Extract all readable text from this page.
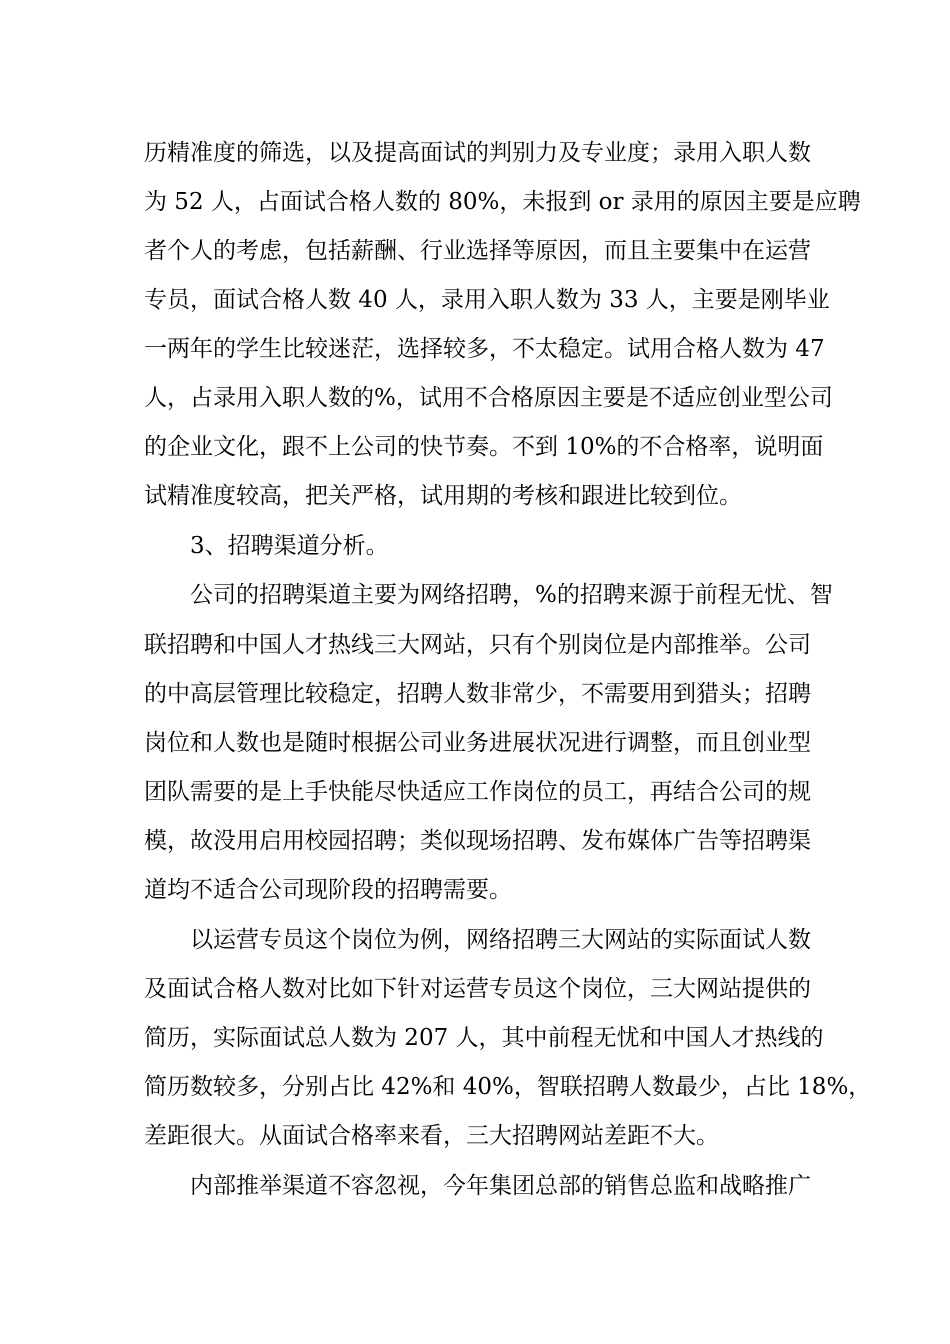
历精准度的筛选，以及提高面试的判别力及专业度；录用入职人数
为 52 人，占面试合格人数的 80%，未报到 or 录用的原因主要是应聘
者个人的考虑，包括薪酬、行业选择等原因，而且主要集中在运营
专员，面试合格人数 40 人，录用入职人数为 33 人，主要是刚毕业
一两年的学生比较迷茫，选择较多，不太稳定。试用合格人数为 47
人，占录用入职人数的%，试用不合格原因主要是不适应创业型公司
的企业文化，跟不上公司的快节奏。不到 10%的不合格率，说明面
试精准度较高，把关严格，试用期的考核和跟进比较到位。
3、招聘渠道分析。
公司的招聘渠道主要为网络招聘，%的招聘来源于前程无忧、智
联招聘和中国人才热线三大网站，只有个别岗位是内部推举。公司
的中高层管理比较稳定，招聘人数非常少，不需要用到猎头；招聘
岗位和人数也是随时根据公司业务进展状况进行调整，而且创业型
团队需要的是上手快能尽快适应工作岗位的员工，再结合公司的规
模，故没用启用校园招聘；类似现场招聘、发布媒体广告等招聘渠
道均不适合公司现阶段的招聘需要。
以运营专员这个岗位为例，网络招聘三大网站的实际面试人数
及面试合格人数对比如下针对运营专员这个岗位，三大网站提供的
简历，实际面试总人数为 207 人，其中前程无忧和中国人才热线的
简历数较多，分别占比 42%和 40%，智联招聘人数最少，占比 18%，
差距很大。从面试合格率来看，三大招聘网站差距不大。
内部推举渠道不容忽视，今年集团总部的销售总监和战略推广
